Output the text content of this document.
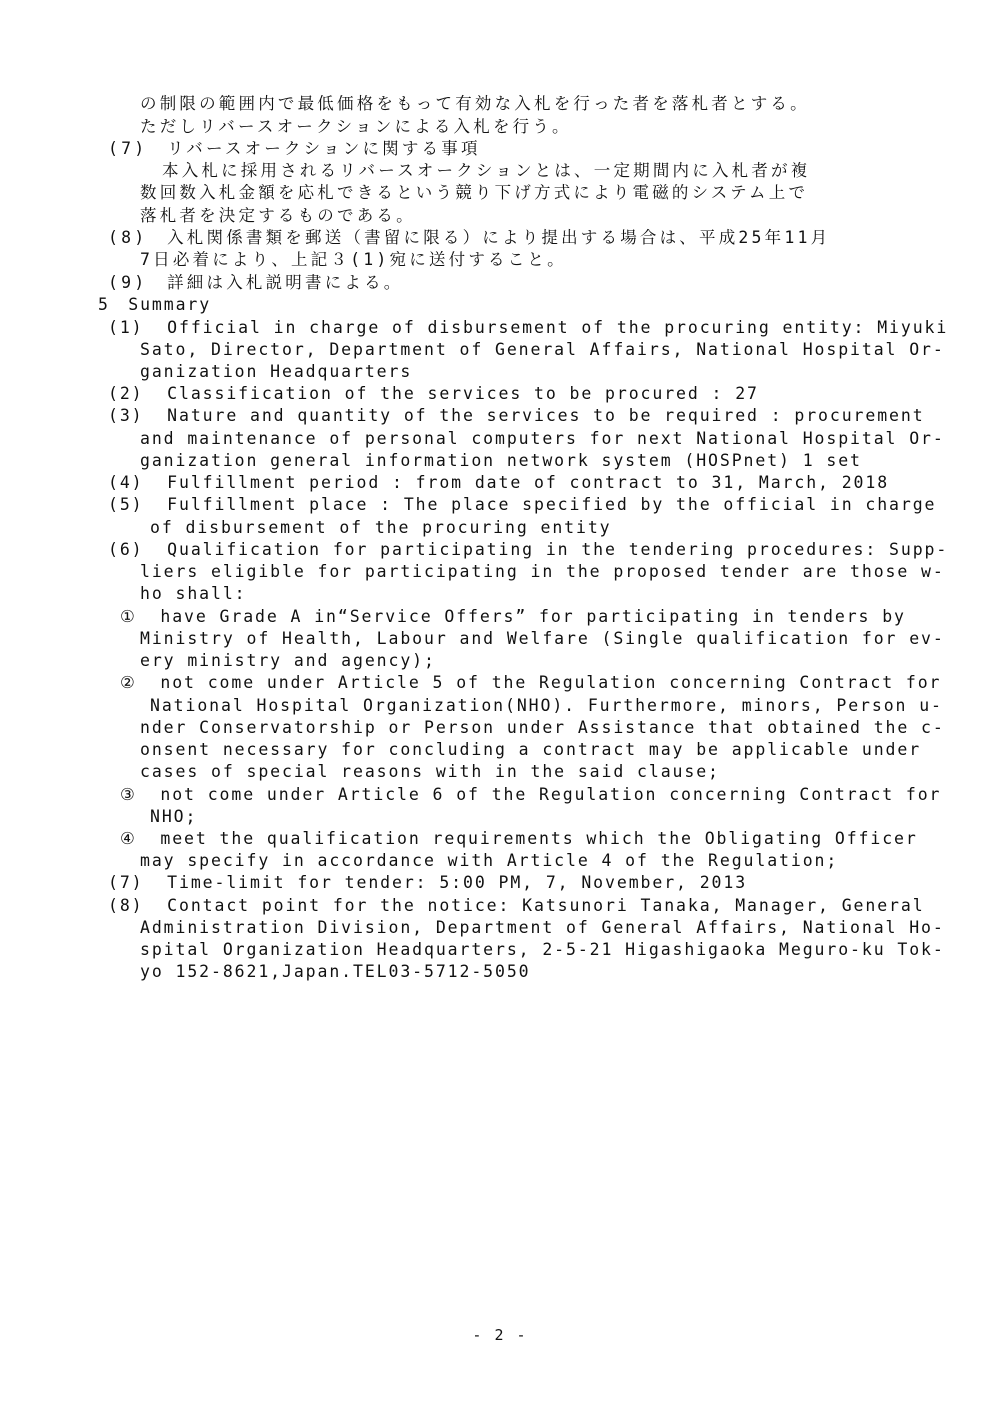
の制限の範囲内で最低価格をもって有効な入札を行った者を落札者とする。
ただしリバースオークションによる入札を行う。
(7)　リバースオークションに関する事項
本入札に採用されるリバースオークションとは、一定期間内に入札者が複
数回数入札金額を応札できるという競り下げ方式により電磁的システム上で
落札者を決定するものである。
(8)　入札関係書類を郵送（書留に限る）により提出する場合は、平成25年11月
7日必着により、上記３(1)宛に送付すること。
(9)　詳細は入札説明書による。
5　Summary
(1)  Official in charge of disbursement of the procuring entity: Miyuki
Sato, Director, Department of General Affairs, National Hospital Or-
ganization Headquarters
(2)  Classification of the services to be procured : 27
(3)  Nature and quantity of the services to be required : procurement
and maintenance of personal computers for next National Hospital Or-
ganization general information network system (HOSPnet) 1 set
(4)  Fulfillment period : from date of contract to 31, March, 2018
(5)  Fulfillment place : The place specified by the official in charge
of disbursement of the procuring entity
(6)  Qualification for participating in the tendering procedures: Supp-
liers eligible for participating in the proposed tender are those w-
ho shall:
①  have Grade A in“Service Offers” for participating in tenders by
Ministry of Health, Labour and Welfare (Single qualification for ev-
ery ministry and agency);
②  not come under Article 5 of the Regulation concerning Contract for
National Hospital Organization(NHO). Furthermore, minors, Person u-
nder Conservatorship or Person under Assistance that obtained the c-
onsent necessary for concluding a contract may be applicable under
cases of special reasons with in the said clause;
③  not come under Article 6 of the Regulation concerning Contract for
NHO;
④  meet the qualification requirements which the Obligating Officer
may specify in accordance with Article 4 of the Regulation;
(7)  Time-limit for tender: 5:00 PM, 7, November, 2013
(8)  Contact point for the notice: Katsunori Tanaka, Manager, General
Administration Division, Department of General Affairs, National Ho-
spital Organization Headquarters, 2-5-21 Higashigaoka Meguro-ku Tok-
yo 152-8621,Japan.TEL03-5712-5050
- 2 -
